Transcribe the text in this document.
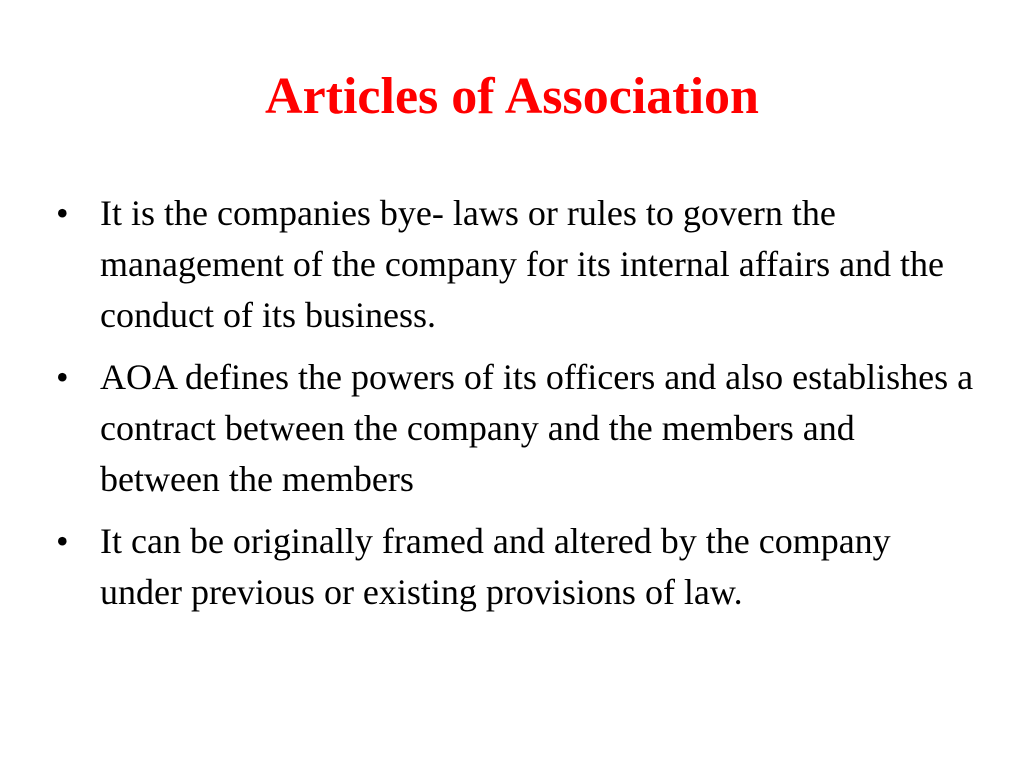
Articles of Association
• It is the companies bye- laws or rules to govern the management of the company for its internal affairs and the conduct of its business.
• AOA defines the powers of its officers and also establishes a contract between the company and the members and between the members
• It can be originally framed and altered by the company under previous or existing provisions of law.
